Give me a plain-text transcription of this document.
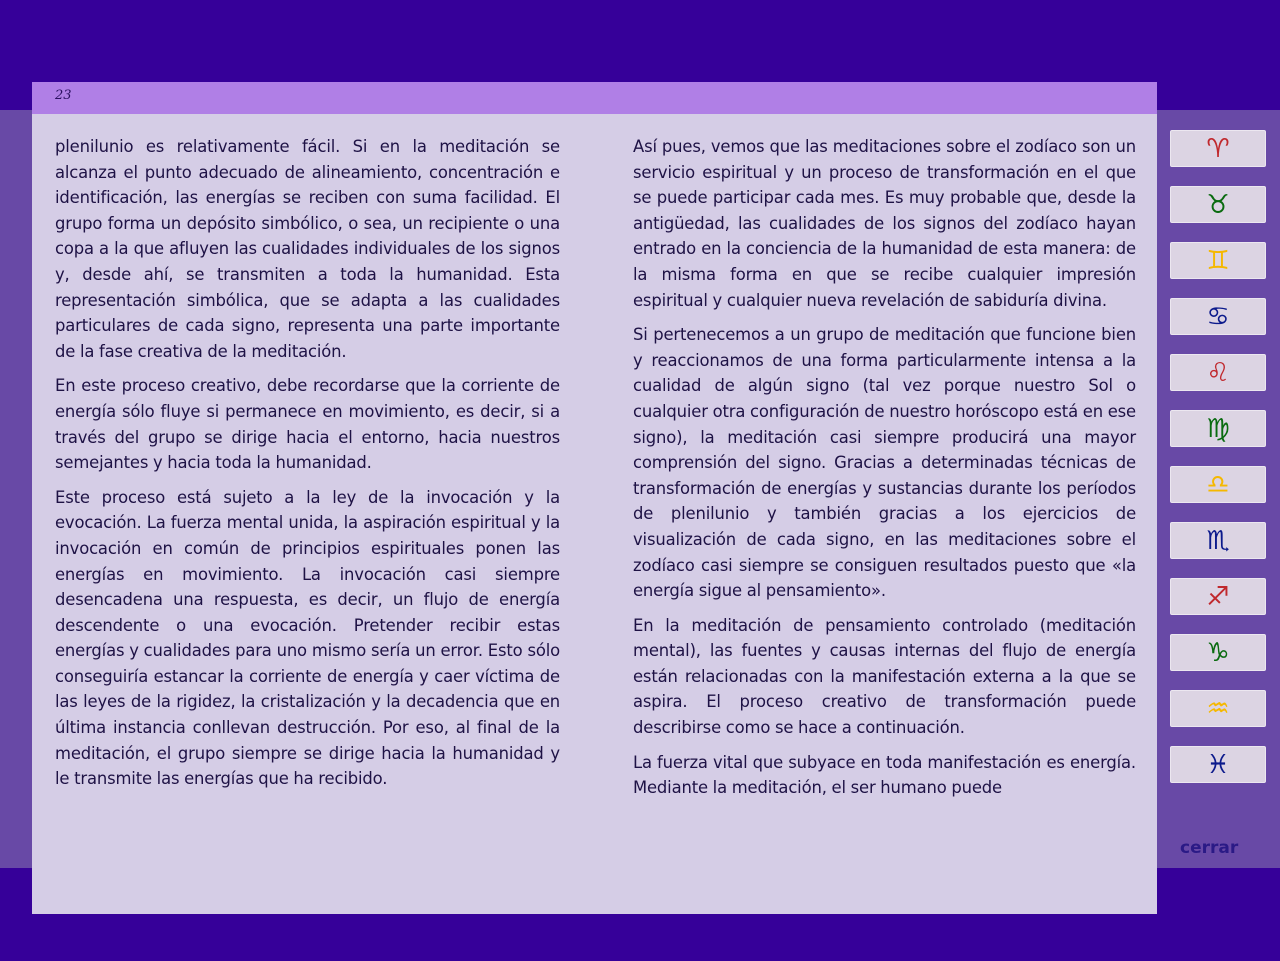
23

plenilunio es relativamente fácil. Si en la meditación se alcanza el punto adecuado de alineamiento, concentración e identificación, las energías se reciben con suma facilidad. El grupo forma un depósito simbólico, o sea, un recipiente o una copa a la que afluyen las cualidades individuales de los signos y, desde ahí, se transmiten a toda la humanidad. Esta representación simbólica, que se adapta a las cualidades particulares de cada signo, representa una parte importante de la fase creativa de la meditación.

En este proceso creativo, debe recordarse que la corriente de energía sólo fluye si permanece en movimiento, es decir, si a través del grupo se dirige hacia el entorno, hacia nuestros semejantes y hacia toda la humanidad.

Este proceso está sujeto a la ley de la invocación y la evocación. La fuerza mental unida, la aspiración espiritual y la invocación en común de principios espirituales ponen las energías en movimiento. La invocación casi siempre desencadena una respuesta, es decir, un flujo de energía descendente o una evocación. Pretender recibir estas energías y cualidades para uno mismo sería un error. Esto sólo conseguiría estancar la corriente de energía y caer víctima de las leyes de la rigidez, la cristalización y la decadencia que en última instancia conllevan destrucción. Por eso, al final de la meditación, el grupo siempre se dirige hacia la humanidad y le transmite las energías que ha recibido.

Así pues, vemos que las meditaciones sobre el zodíaco son un servicio espiritual y un proceso de transformación en el que se puede participar cada mes. Es muy probable que, desde la antigüedad, las cualidades de los signos del zodíaco hayan entrado en la conciencia de la humanidad de esta manera: de la misma forma en que se recibe cualquier impresión espiritual y cualquier nueva revelación de sabiduría divina.

Si pertenecemos a un grupo de meditación que funcione bien y reaccionamos de una forma particularmente intensa a la cualidad de algún signo (tal vez porque nuestro Sol o cualquier otra configuración de nuestro horóscopo está en ese signo), la meditación casi siempre producirá una mayor comprensión del signo. Gracias a determinadas técnicas de transformación de energías y sustancias durante los períodos de plenilunio y también gracias a los ejercicios de visualización de cada signo, en las meditaciones sobre el zodíaco casi siempre se consiguen resultados puesto que «la energía sigue al pensamiento».

En la meditación de pensamiento controlado (meditación mental), las fuentes y causas internas del flujo de energía están relacionadas con la manifestación externa a la que se aspira. El proceso creativo de transformación puede describirse como se hace a continuación.

La fuerza vital que subyace en toda manifestación es energía. Mediante la meditación, el ser humano puede

♈︎
♉︎
♊︎
♋︎
♌︎
♍︎
♎︎
♏︎
♐︎
♑︎
♒︎
♓︎
cerrar
